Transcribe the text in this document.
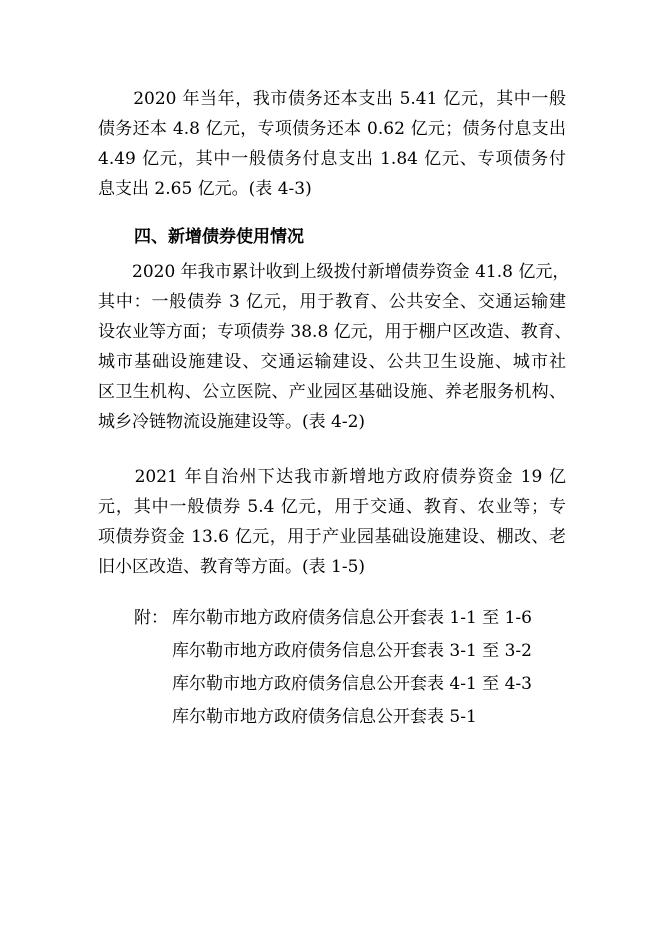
　　2020 年当年，我市债务还本支出 5.41 亿元，其中一般
债务还本 4.8 亿元，专项债务还本 0.62 亿元；债务付息支出
4.49 亿元，其中一般债务付息支出 1.84 亿元、专项债务付
息支出 2.65 亿元。(表 4-3)
四、新增债券使用情况
　　2020 年我市累计收到上级拨付新增债券资金 41.8 亿元，
其中：一般债券 3 亿元，用于教育、公共安全、交通运输建
设农业等方面；专项债券 38.8 亿元，用于棚户区改造、教育、
城市基础设施建设、交通运输建设、公共卫生设施、城市社
区卫生机构、公立医院、产业园区基础设施、养老服务机构、
城乡冷链物流设施建设等。(表 4-2)
　　2021 年自治州下达我市新增地方政府债券资金 19 亿
元，其中一般债券 5.4 亿元，用于交通、教育、农业等；专
项债券资金 13.6 亿元，用于产业园基础设施建设、棚改、老
旧小区改造、教育等方面。(表 1-5)
附： 库尔勒市地方政府债务信息公开套表 1-1 至 1-6
库尔勒市地方政府债务信息公开套表 3-1 至 3-2
库尔勒市地方政府债务信息公开套表 4-1 至 4-3
库尔勒市地方政府债务信息公开套表 5-1
